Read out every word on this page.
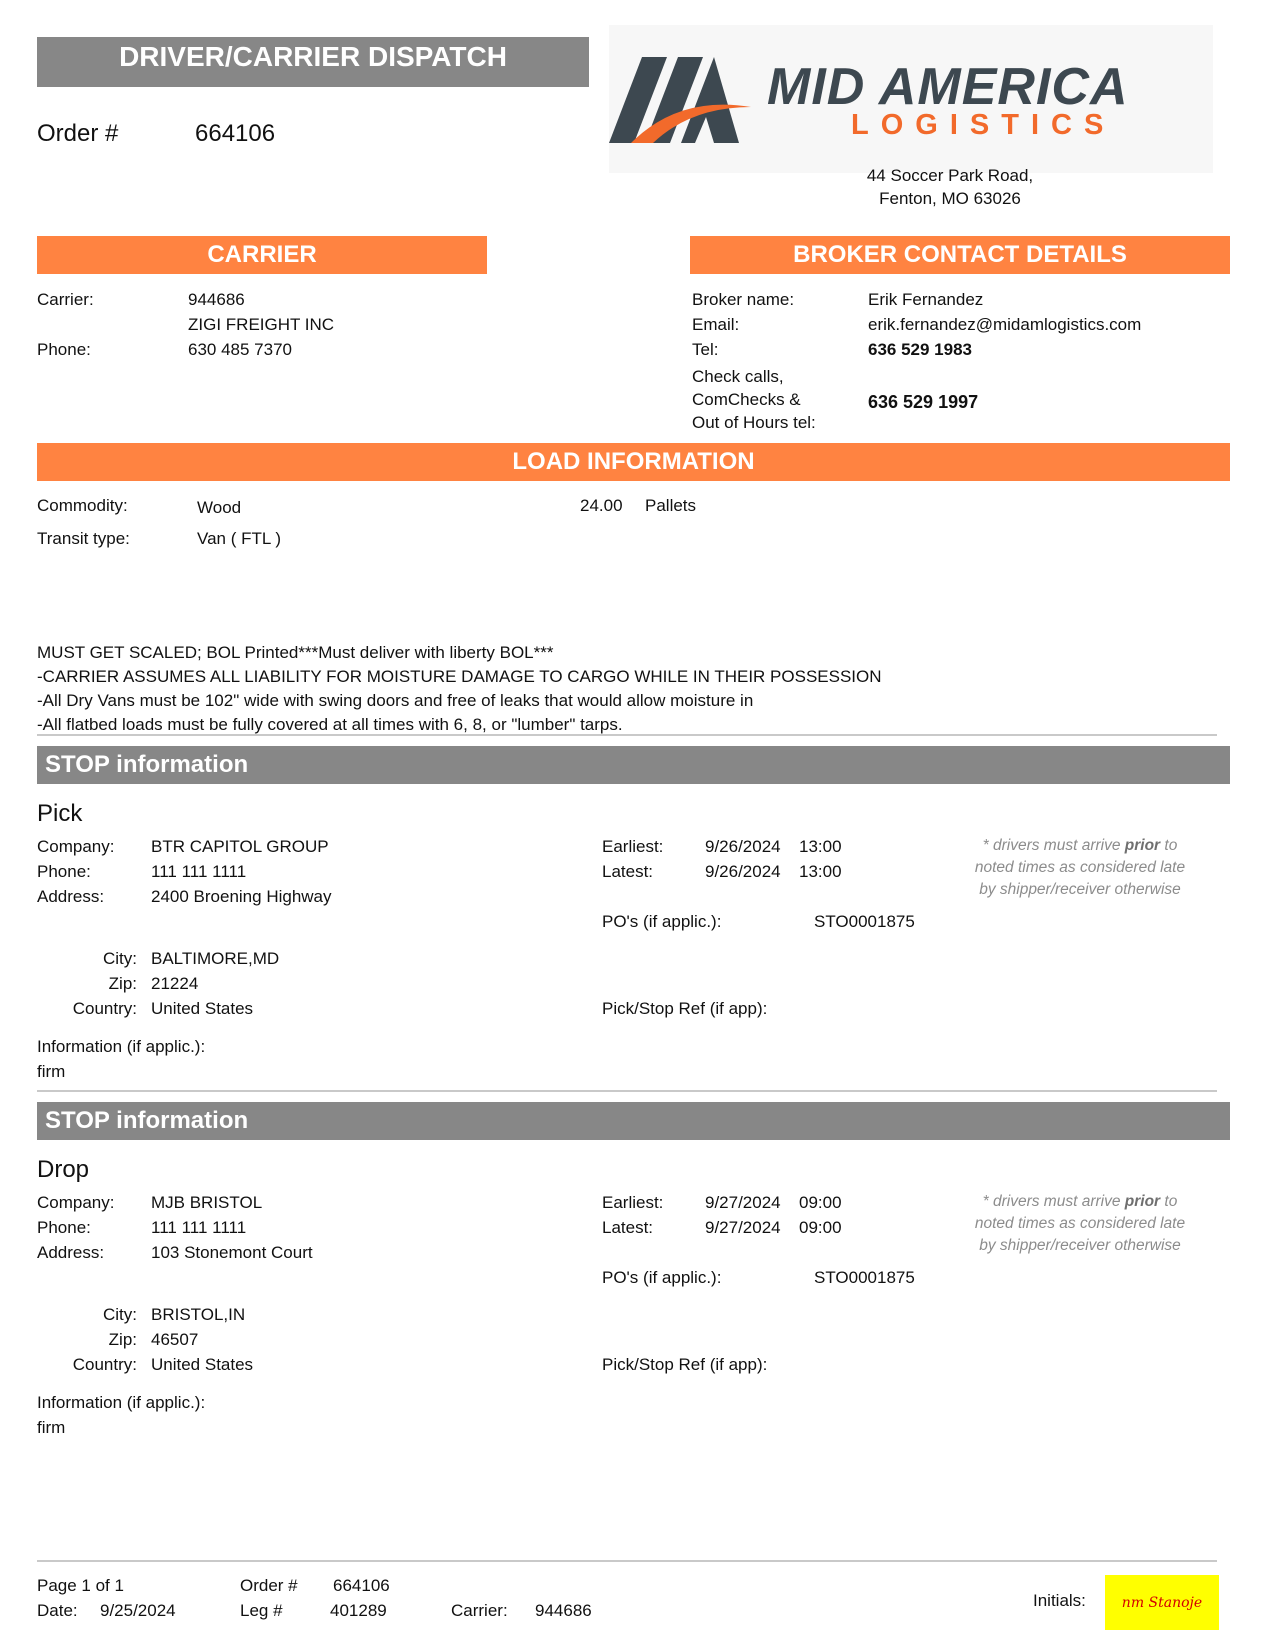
DRIVER/CARRIER DISPATCH
Order #	664106
MID AMERICA
LOGISTICS
44 Soccer Park Road,
Fenton, MO 63026
CARRIER
Carrier:	944686
ZIGI FREIGHT INC
Phone:	630 485 7370
BROKER CONTACT DETAILS
Broker name:	Erik Fernandez
Email:	erik.fernandez@midamlogistics.com
Tel:	636 529 1983
Check calls,
ComChecks &
Out of Hours tel:
636 529 1997
LOAD INFORMATION
Commodity:	Wood	24.00 Pallets
Transit type:	Van ( FTL )
MUST GET SCALED; BOL Printed***Must deliver with liberty BOL***
-CARRIER ASSUMES ALL LIABILITY FOR MOISTURE DAMAGE TO CARGO WHILE IN THEIR POSSESSION
-All Dry Vans must be 102" wide with swing doors and free of leaks that would allow moisture in
-All flatbed loads must be fully covered at all times with 6, 8, or "lumber" tarps.
STOP information
Pick
Company: BTR CAPITOL GROUP
Phone:	111 111 1111
Address:	2400 Broening Highway
City: BALTIMORE,MD
Zip: 21224
Country: United States
Earliest: 9/26/2024 13:00
Latest:	9/26/2024 13:00
PO's (if applic.):	STO0001875
Pick/Stop Ref (if app):
* drivers must arrive prior to
noted times as considered late
by shipper/receiver otherwise
Information (if applic.):
firm
STOP information
Drop
Company: MJB BRISTOL
Phone:	111 111 1111
Address:	103 Stonemont Court
City: BRISTOL,IN
Zip: 46507
Country: United States
Earliest: 9/27/2024 09:00
Latest:	9/27/2024 09:00
PO's (if applic.):	STO0001875
Pick/Stop Ref (if app):
* drivers must arrive prior to
noted times as considered late
by shipper/receiver otherwise
Information (if applic.):
firm
Page 1 of 1
Date: 9/25/2024
Order # 664106
Leg #	401289	Carrier: 944686
Initials:	nm Stanoje
